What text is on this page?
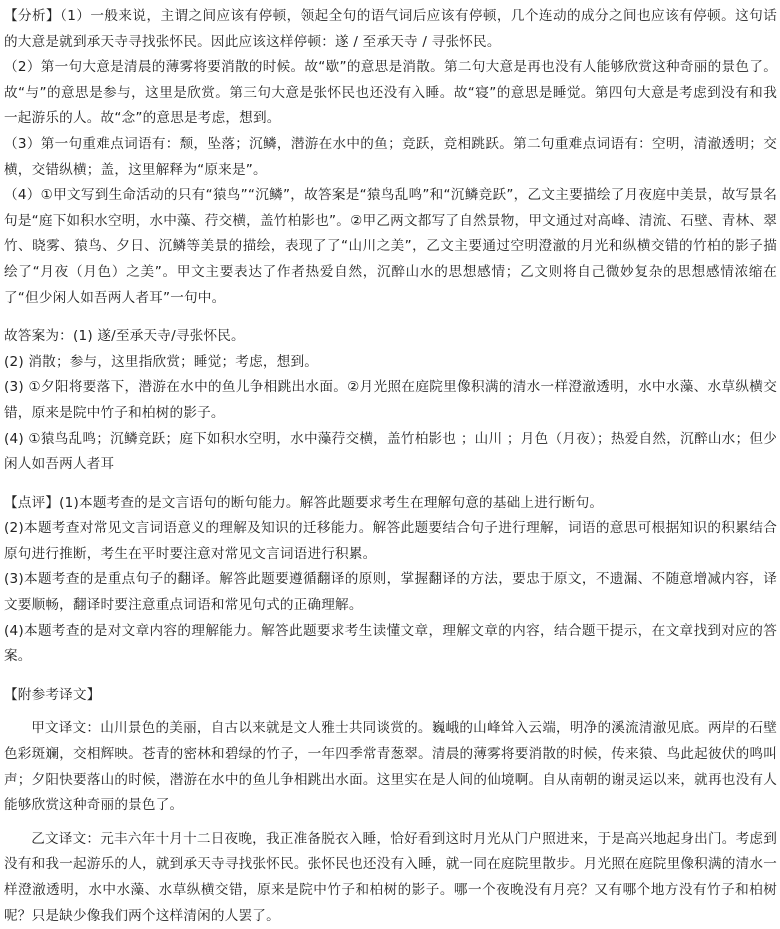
【分析】（1）一般来说，主谓之间应该有停顿，领起全句的语气词后应该有停顿，几个连动的成分之间也应该有停顿。这句话的大意是就到承天寺寻找张怀民。因此应该这样停顿：遂 / 至承天寺 / 寻张怀民。

（2）第一句大意是清晨的薄雾将要消散的时候。故“歇”的意思是消散。第二句大意是再也没有人能够欣赏这种奇丽的景色了。故“与”的意思是参与，这里是欣赏。第三句大意是张怀民也还没有入睡。故“寝”的意思是睡觉。第四句大意是考虑到没有和我一起游乐的人。故“念”的意思是考虑，想到。

（3）第一句重难点词语有：颓，坠落；沉鳞，潜游在水中的鱼；竞跃，竞相跳跃。第二句重难点词语有：空明，清澈透明；交横，交错纵横；盖，这里解释为“原来是”。

（4）①甲文写到生命活动的只有“猿鸟”“沉鳞”，故答案是“猿鸟乱鸣”和“沉鳞竞跃”，乙文主要描绘了月夜庭中美景，故写景名句是“庭下如积水空明，水中藻、荇交横，盖竹柏影也”。②甲乙两文都写了自然景物，甲文通过对高峰、清流、石壁、青林、翠竹、晓雾、猿鸟、夕日、沉鳞等美景的描绘，表现了了“山川之美”，乙文主要通过空明澄澈的月光和纵横交错的竹柏的影子描绘了“月夜（月色）之美”。甲文主要表达了作者热爱自然，沉醉山水的思想感情；乙文则将自己微妙复杂的思想感情浓缩在了“但少闲人如吾两人者耳”一句中。

故答案为：(1) 遂/至承天寺/寻张怀民。

(2) 消散；参与，这里指欣赏；睡觉；考虑，想到。

(3) ①夕阳将要落下，潜游在水中的鱼儿争相跳出水面。②月光照在庭院里像积满的清水一样澄澈透明，水中水藻、水草纵横交错，原来是院中竹子和柏树的影子。

(4) ①猿鸟乱鸣；沉鳞竞跃；庭下如积水空明，水中藻荇交横，盖竹柏影也 ；山川 ；月色（月夜）；热爱自然，沉醉山水；但少闲人如吾两人者耳

【点评】(1)本题考查的是文言语句的断句能力。解答此题要求考生在理解句意的基础上进行断句。

(2)本题考查对常见文言词语意义的理解及知识的迁移能力。解答此题要结合句子进行理解，词语的意思可根据知识的积累结合原句进行推断，考生在平时要注意对常见文言词语进行积累。

(3)本题考查的是重点句子的翻译。解答此题要遵循翻译的原则，掌握翻译的方法，要忠于原文，不遗漏、不随意增减内容，译文要顺畅，翻译时要注意重点词语和常见句式的正确理解。

(4)本题考查的是对文章内容的理解能力。解答此题要求考生读懂文章，理解文章的内容，结合题干提示，在文章找到对应的答案。

【附参考译文】

甲文译文：山川景色的美丽，自古以来就是文人雅士共同谈赏的。巍峨的山峰耸入云端，明净的溪流清澈见底。两岸的石壁色彩斑斓，交相辉映。苍青的密林和碧绿的竹子，一年四季常青葱翠。清晨的薄雾将要消散的时候，传来猿、鸟此起彼伏的鸣叫声；夕阳快要落山的时候，潜游在水中的鱼儿争相跳出水面。这里实在是人间的仙境啊。自从南朝的谢灵运以来，就再也没有人能够欣赏这种奇丽的景色了。

乙文译文：元丰六年十月十二日夜晚，我正准备脱衣入睡，恰好看到这时月光从门户照进来，于是高兴地起身出门。考虑到没有和我一起游乐的人，就到承天寺寻找张怀民。张怀民也还没有入睡，就一同在庭院里散步。月光照在庭院里像积满的清水一样澄澈透明，水中水藻、水草纵横交错，原来是院中竹子和柏树的影子。哪一个夜晚没有月亮？又有哪个地方没有竹子和柏树呢？只是缺少像我们两个这样清闲的人罢了。
